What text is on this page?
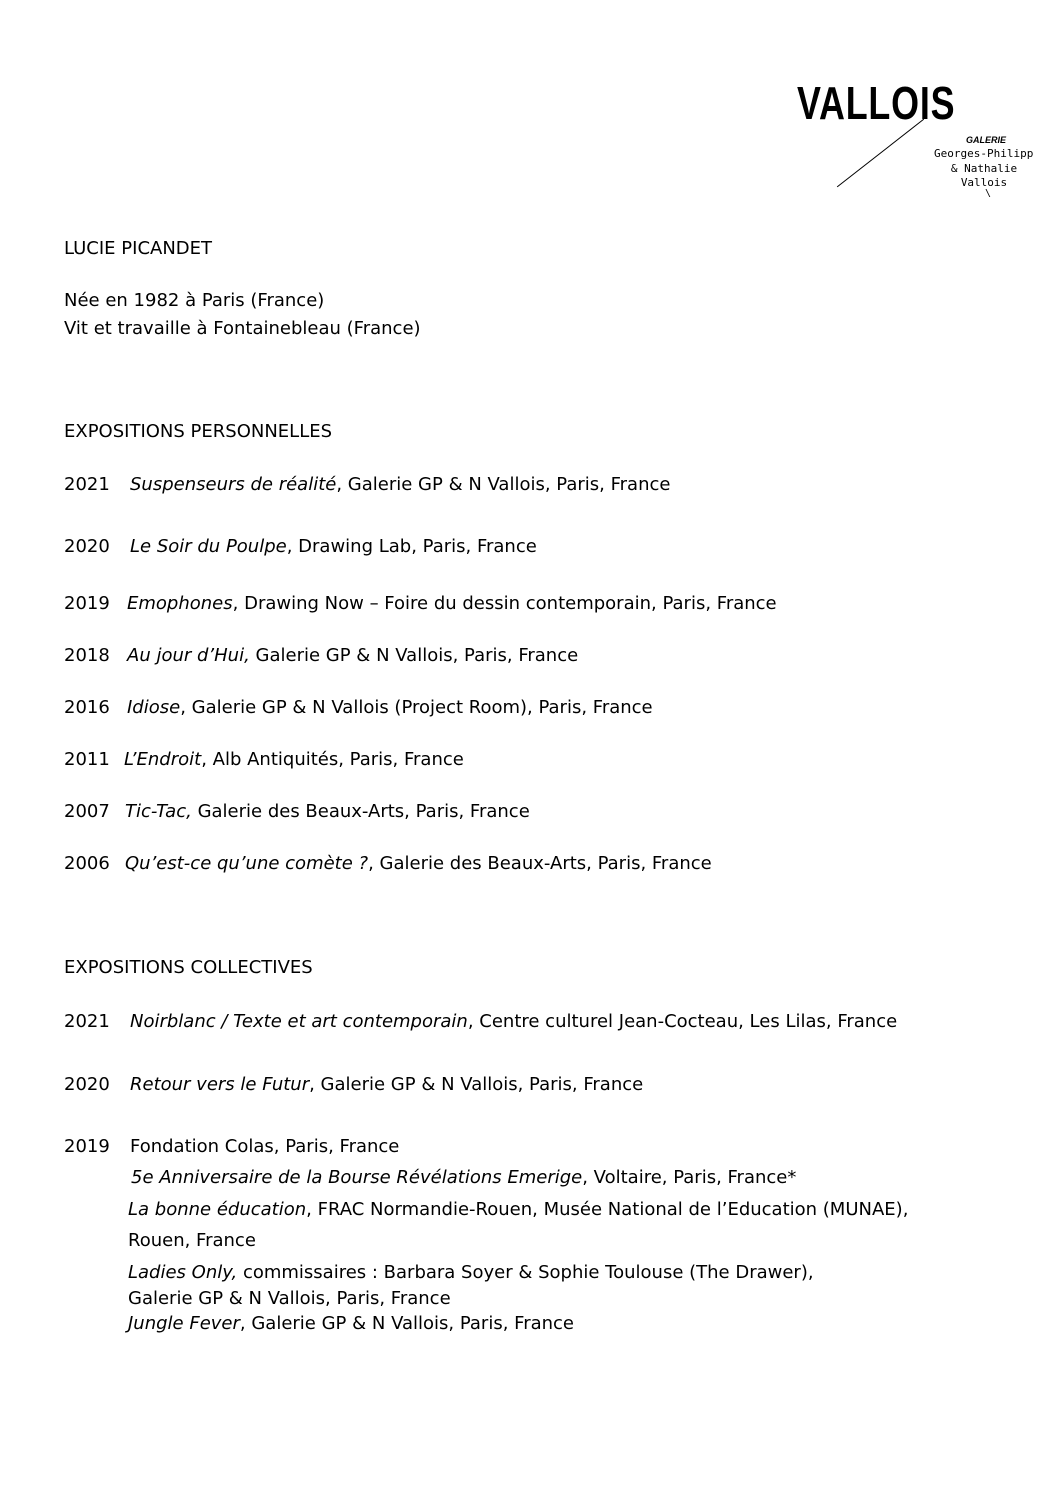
VALLOIS
GALERIE
Georges-Philipp
& Nathalie
Vallois
\
LUCIE PICANDET
Née en 1982 à Paris (France)
Vit et travaille à Fontainebleau (France)
EXPOSITIONS PERSONNELLES
2021 Suspenseurs de réalité, Galerie GP & N Vallois, Paris, France
2020 Le Soir du Poulpe, Drawing Lab, Paris, France
2019 Emophones, Drawing Now – Foire du dessin contemporain, Paris, France
2018 Au jour d’Hui, Galerie GP & N Vallois, Paris, France
2016 Idiose, Galerie GP & N Vallois (Project Room), Paris, France
2011 L’Endroit, Alb Antiquités, Paris, France
2007 Tic-Tac, Galerie des Beaux-Arts, Paris, France
2006 Qu’est-ce qu’une comète ?, Galerie des Beaux-Arts, Paris, France
EXPOSITIONS COLLECTIVES
2021 Noirblanc / Texte et art contemporain, Centre culturel Jean-Cocteau, Les Lilas, France
2020 Retour vers le Futur, Galerie GP & N Vallois, Paris, France
2019 Fondation Colas, Paris, France
5e Anniversaire de la Bourse Révélations Emerige, Voltaire, Paris, France*
La bonne éducation, FRAC Normandie-Rouen, Musée National de l’Education (MUNAE),
Rouen, France
Ladies Only, commissaires : Barbara Soyer & Sophie Toulouse (The Drawer),
Galerie GP & N Vallois, Paris, France
Jungle Fever, Galerie GP & N Vallois, Paris, France
